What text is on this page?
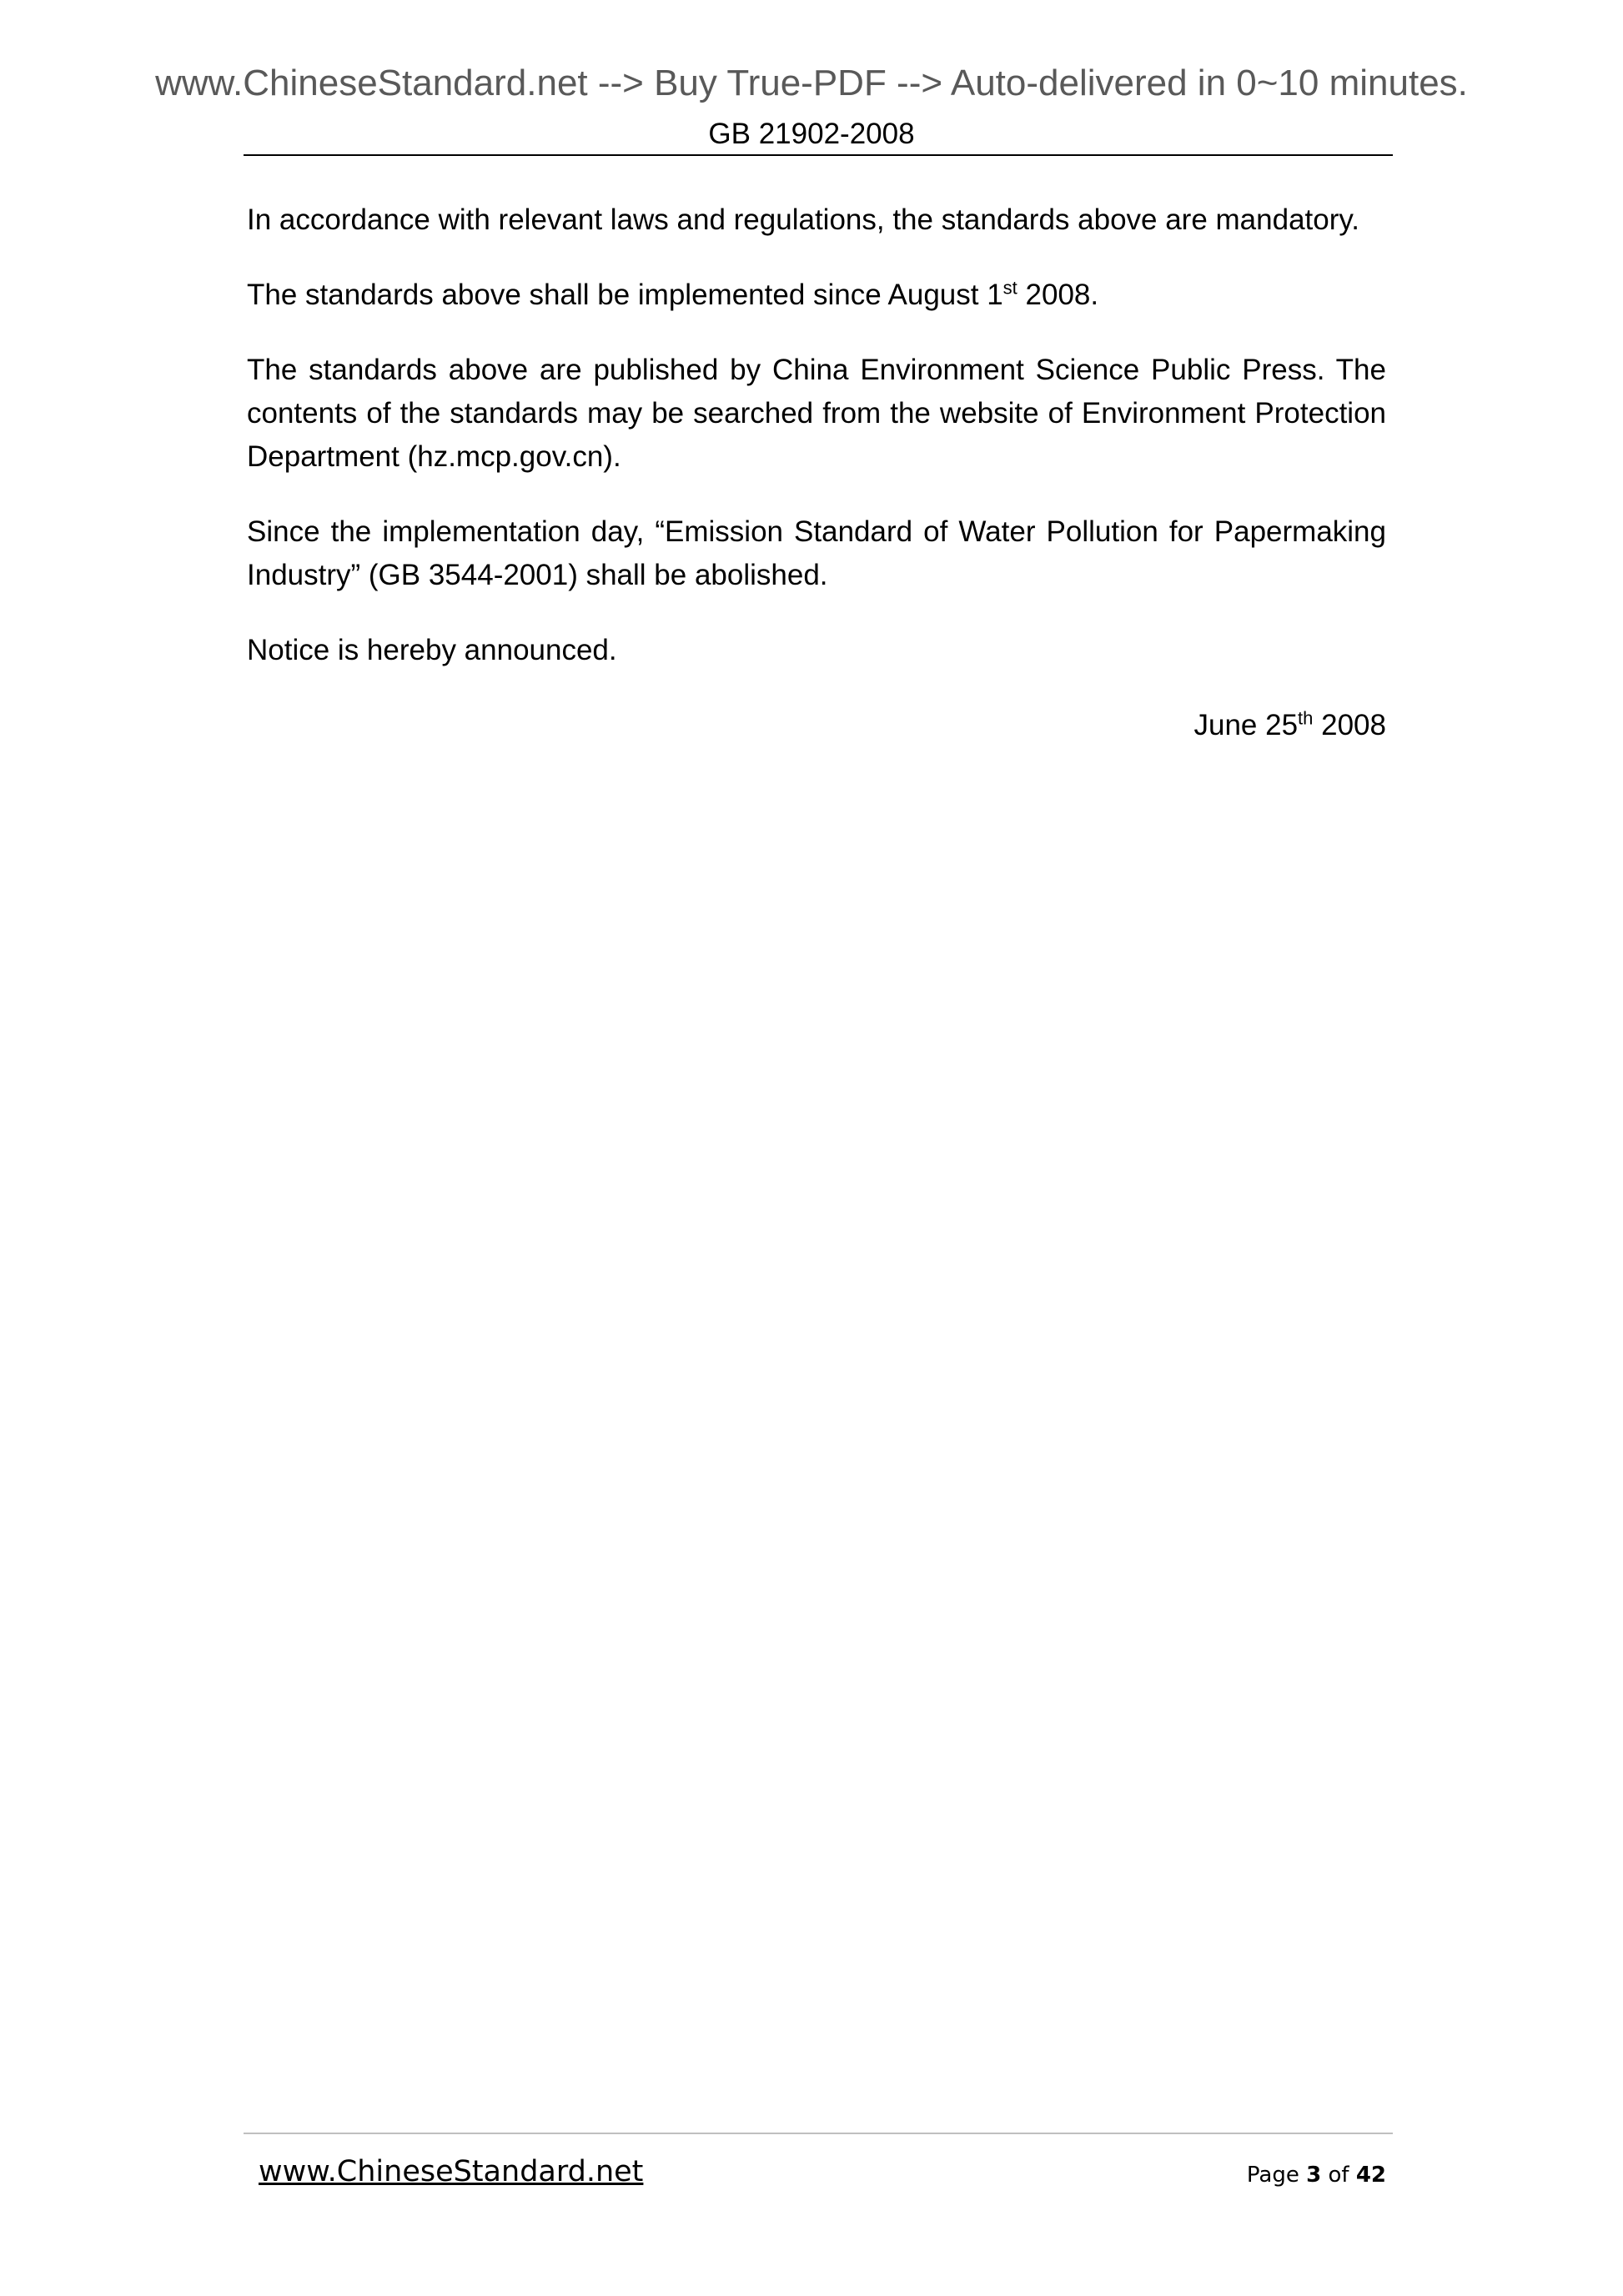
www.ChineseStandard.net --> Buy True-PDF --> Auto-delivered in 0~10 minutes.
GB 21902-2008

In accordance with relevant laws and regulations, the standards above are mandatory.

The standards above shall be implemented since August 1st 2008.

The standards above are published by China Environment Science Public Press. The contents of the standards may be searched from the website of Environment Protection Department (hz.mcp.gov.cn).

Since the implementation day, “Emission Standard of Water Pollution for Papermaking Industry” (GB 3544-2001) shall be abolished.

Notice is hereby announced.

June 25th 2008

www.ChineseStandard.net	Page 3 of 42
